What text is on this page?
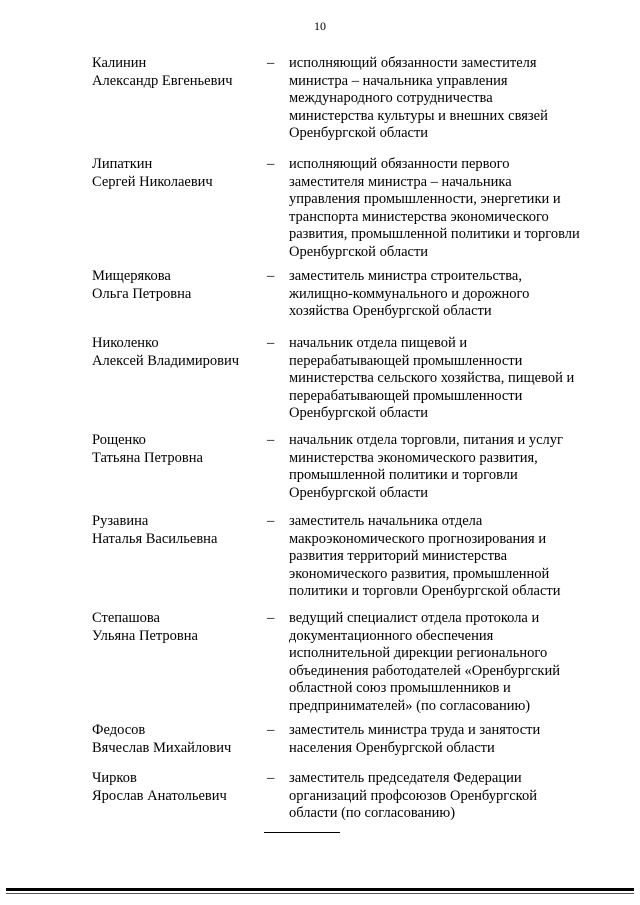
10
Калинин
Александр Евгеньевич
–	исполняющий обязанности заместителя
министра – начальника управления
международного сотрудничества
министерства культуры и внешних связей
Оренбургской области
Липаткин
Сергей Николаевич
–	исполняющий обязанности первого
заместителя министра – начальника
управления промышленности, энергетики и
транспорта министерства экономического
развития, промышленной политики и торговли
Оренбургской области
Мищерякова
Ольга Петровна
–	заместитель министра строительства,
жилищно-коммунального и дорожного
хозяйства Оренбургской области
Николенко
Алексей Владимирович
–	начальник отдела пищевой и
перерабатывающей промышленности
министерства сельского хозяйства, пищевой и
перерабатывающей промышленности
Оренбургской области
Рощенко
Татьяна Петровна
–	начальник отдела торговли, питания и услуг
министерства экономического развития,
промышленной политики и торговли
Оренбургской области
Рузавина
Наталья Васильевна
–	заместитель начальника отдела
макроэкономического прогнозирования и
развития территорий министерства
экономического развития, промышленной
политики и торговли Оренбургской области
Степашова
Ульяна Петровна
–	ведущий специалист отдела протокола и
документационного обеспечения
исполнительной дирекции регионального
объединения работодателей «Оренбургский
областной союз промышленников и
предпринимателей» (по согласованию)
Федосов
Вячеслав Михайлович
–	заместитель министра труда и занятости
населения Оренбургской области
Чирков
Ярослав Анатольевич
–	заместитель председателя Федерации
организаций профсоюзов Оренбургской
области (по согласованию)
